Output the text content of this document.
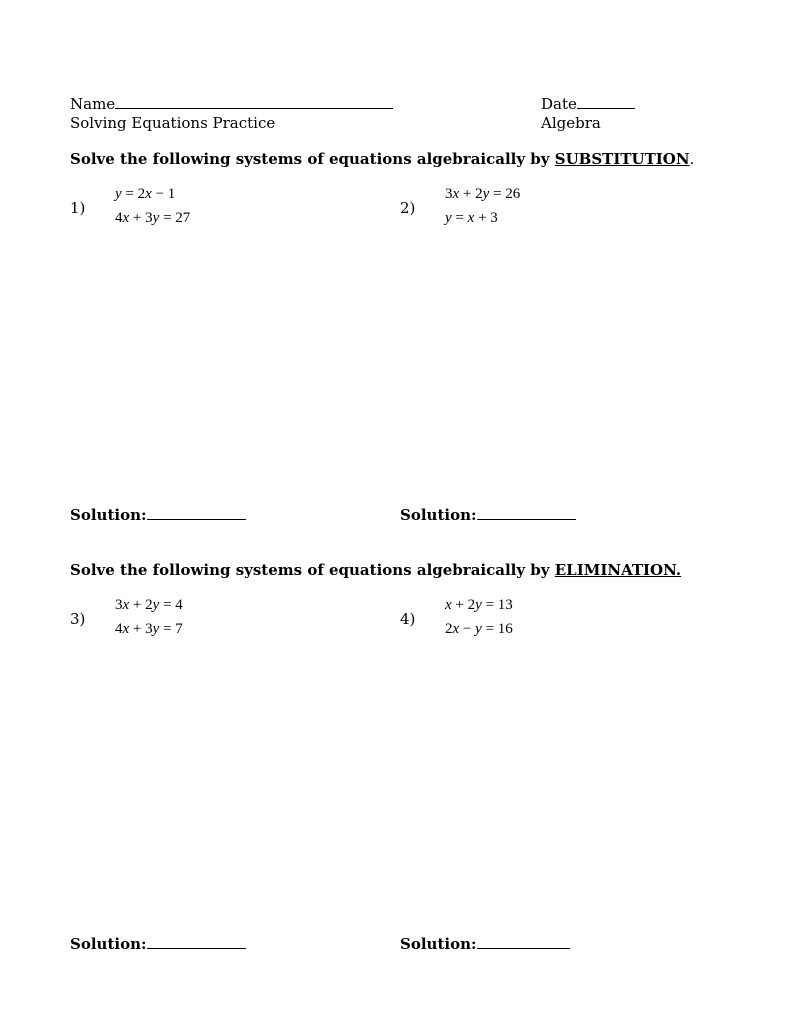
Name	Date
Solving Equations Practice	Algebra
Solve the following systems of equations algebraically by SUBSTITUTION.
1)
y = 2x − 1
4x + 3y = 27
2)
3x + 2y = 26
y = x + 3
Solution:	Solution:
Solve the following systems of equations algebraically by ELIMINATION.
3)
3x + 2y = 4
4x + 3y = 7
4)
x + 2y = 13
2x − y = 16
Solution:	Solution:
